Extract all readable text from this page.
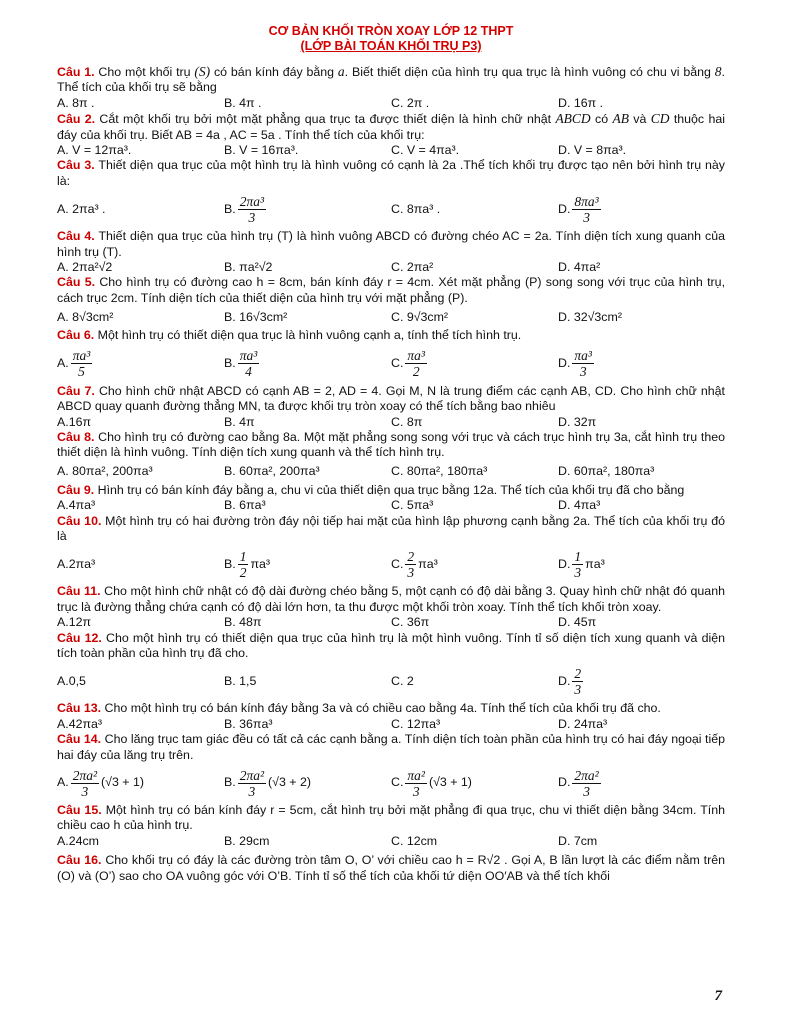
CƠ BẢN KHỐI TRÒN XOAY LỚP 12 THPT
(LỚP BÀI TOÁN KHỐI TRỤ P3)

Câu 1. Cho một khối trụ (S) có bán kính đáy bằng a. Biết thiết diện của hình trụ qua trục là hình vuông có chu vi bằng 8. Thể tích của khối trụ sẽ bằng

A. 8π .	B. 4π .	C. 2π .	D. 16π .

Câu 2. Cắt một khối trụ bởi một mặt phẳng qua trục ta được thiết diện là hình chữ nhật ABCD có AB và CD thuộc hai đáy của khối trụ. Biết AB = 4a , AC = 5a . Tính thể tích của khối trụ:

A. V = 12πa³.	B. V = 16πa³.	C. V = 4πa³.	D. V = 8πa³.

Câu 3. Thiết diện qua trục của một hình trụ là hình vuông có cạnh là 2a .Thể tích khối trụ được tạo nên bởi hình trụ này là:

A. 2πa³ .	B. $\frac{\text{2πa³}}{3}$	C. 8πa³ .	D. $\frac{\text{8πa³}}{3}$

Câu 4. Thiết diện qua trục của hình trụ (T) là hình vuông ABCD có đường chéo AC = 2a. Tính diện tích xung quanh của hình trụ (T).

A. 2πa²√2	B. πa²√2	C. 2πa²	D. 4πa²

Câu 5. Cho hình trụ có đường cao h = 8cm, bán kính đáy r = 4cm. Xét mặt phẳng (P) song song với trục của hình trụ, cách trục 2cm. Tính diện tích của thiết diện của hình trụ với mặt phẳng (P).

A. 8√3cm²	B. 16√3cm²	C. 9√3cm²	D. 32√3cm²

Câu 6. Một hình trụ có thiết diện qua trục là hình vuông cạnh a, tính thể tích hình trụ.

A. $\frac{\text{πa³}}{5}$	B. $\frac{\text{πa³}}{4}$	C. $\frac{\text{πa³}}{2}$	D. $\frac{\text{πa³}}{3}$

Câu 7. Cho hình chữ nhật ABCD có cạnh AB = 2, AD = 4. Gọi M, N là trung điểm các cạnh AB, CD. Cho hình chữ nhật ABCD quay quanh đường thẳng MN, ta được khối trụ tròn xoay có thể tích bằng bao nhiêu

A.16π	B. 4π	C. 8π	D. 32π

Câu 8. Cho hình trụ có đường cao bằng 8a. Một mặt phẳng song song với trục và cách trục hình trụ 3a, cắt hình trụ theo thiết diện là hình vuông. Tính diện tích xung quanh và thể tích hình trụ.

A. 80πa², 200πa³	B. 60πa², 200πa³	C. 80πa², 180πa³	D. 60πa², 180πa³

Câu 9. Hình trụ có bán kính đáy bằng a, chu vi của thiết diện qua trục bằng 12a. Thể tích của khối trụ đã cho bằng

A.4πa³	B. 6πa³	C. 5πa³	D. 4πa³

Câu 10. Một hình trụ có hai đường tròn đáy nội tiếp hai mặt của hình lập phương cạnh bằng 2a. Thể tích của khối trụ đó là

A.2πa³	B. $\frac{1}{2} \pi a^3$	C. $\frac{2}{3} \pi a^3$	D. $\frac{1}{3} \pi a^3$

Câu 11. Cho một hình chữ nhật có độ dài đường chéo bằng 5, một cạnh có độ dài bằng 3. Quay hình chữ nhật đó quanh trục là đường thẳng chứa cạnh có độ dài lớn hơn, ta thu được một khối tròn xoay. Tính thể tích khối tròn xoay.

A.12π	B. 48π	C. 36π	D. 45π

Câu 12. Cho một hình trụ có thiết diện qua trục của hình trụ là một hình vuông. Tính tỉ số diện tích xung quanh và diện tích toàn phần của hình trụ đã cho.

A.0,5	B. 1,5	C. 2	D. $\frac{2}{3}$

Câu 13. Cho một hình trụ có bán kính đáy bằng 3a và có chiều cao bằng 4a. Tính thể tích của khối trụ đã cho.

A.42πa³	B. 36πa³	C. 12πa³	D. 24πa³

Câu 14. Cho lăng trục tam giác đều có tất cả các cạnh bằng a. Tính diện tích toàn phần của hình trụ có hai đáy ngoại tiếp hai đáy của lăng trụ trên.

A. $\frac{\text{2πa²}}{3} (√3 + 1)$	B. $\frac{\text{2πa²}}{3} (√3 + 2)$	C. $\frac{\text{πa²}}{3} (√3 + 1)$	D. $\frac{\text{2πa²}}{3}$

Câu 15. Một hình trụ có bán kính đáy r = 5cm, cắt hình trụ bởi mặt phẳng đi qua trục, chu vi thiết diện bằng 34cm. Tính chiều cao h của hình trụ.

A.24cm	B. 29cm	C. 12cm	D. 7cm

Câu 16. Cho khối trụ có đáy là các đường tròn tâm O, O’ với chiều cao h = R√2 . Gọi A, B lần lượt là các điểm nằm trên (O) và (O’) sao cho OA vuông góc với O’B. Tính tỉ số thể tích của khối tứ diện OO′AB và thể tích khối

7
